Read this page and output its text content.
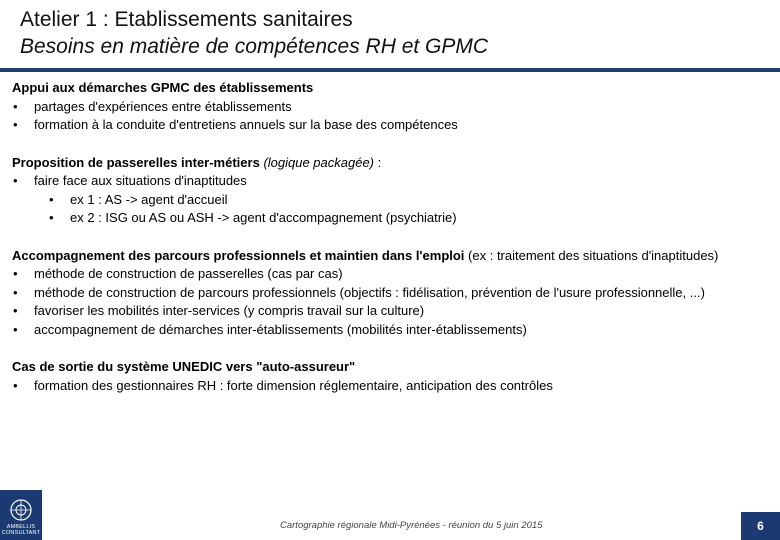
Atelier 1 : Etablissements sanitaires
Besoins en matière de compétences RH et GPMC

Appui aux démarches GPMC des établissements

• partages d'expériences entre établissements
• formation à la conduite d'entretiens annuels sur la base des compétences

Proposition de passerelles inter-métiers (logique packagée) :

• faire face aux situations d'inaptitudes
• ex 1 : AS -> agent d'accueil
• ex 2 : ISG ou AS ou ASH -> agent d'accompagnement (psychiatrie)

Accompagnement des parcours professionnels et maintien dans l'emploi (ex : traitement des situations d'inaptitudes)

• méthode de construction de passerelles (cas par cas)
• méthode de construction de parcours professionnels (objectifs : fidélisation, prévention de l'usure professionnelle, ...)
• favoriser les mobilités inter-services (y compris travail sur la culture)
• accompagnement de démarches inter-établissements (mobilités inter-établissements)

Cas de sortie du système UNEDIC vers "auto-assureur"

• formation des gestionnaires RH : forte dimension réglementaire, anticipation des contrôles
AMBELLIS CONSULTANT
Cartographie régionale Midi-Pyrénées - réunion du 5 juin 2015	6
